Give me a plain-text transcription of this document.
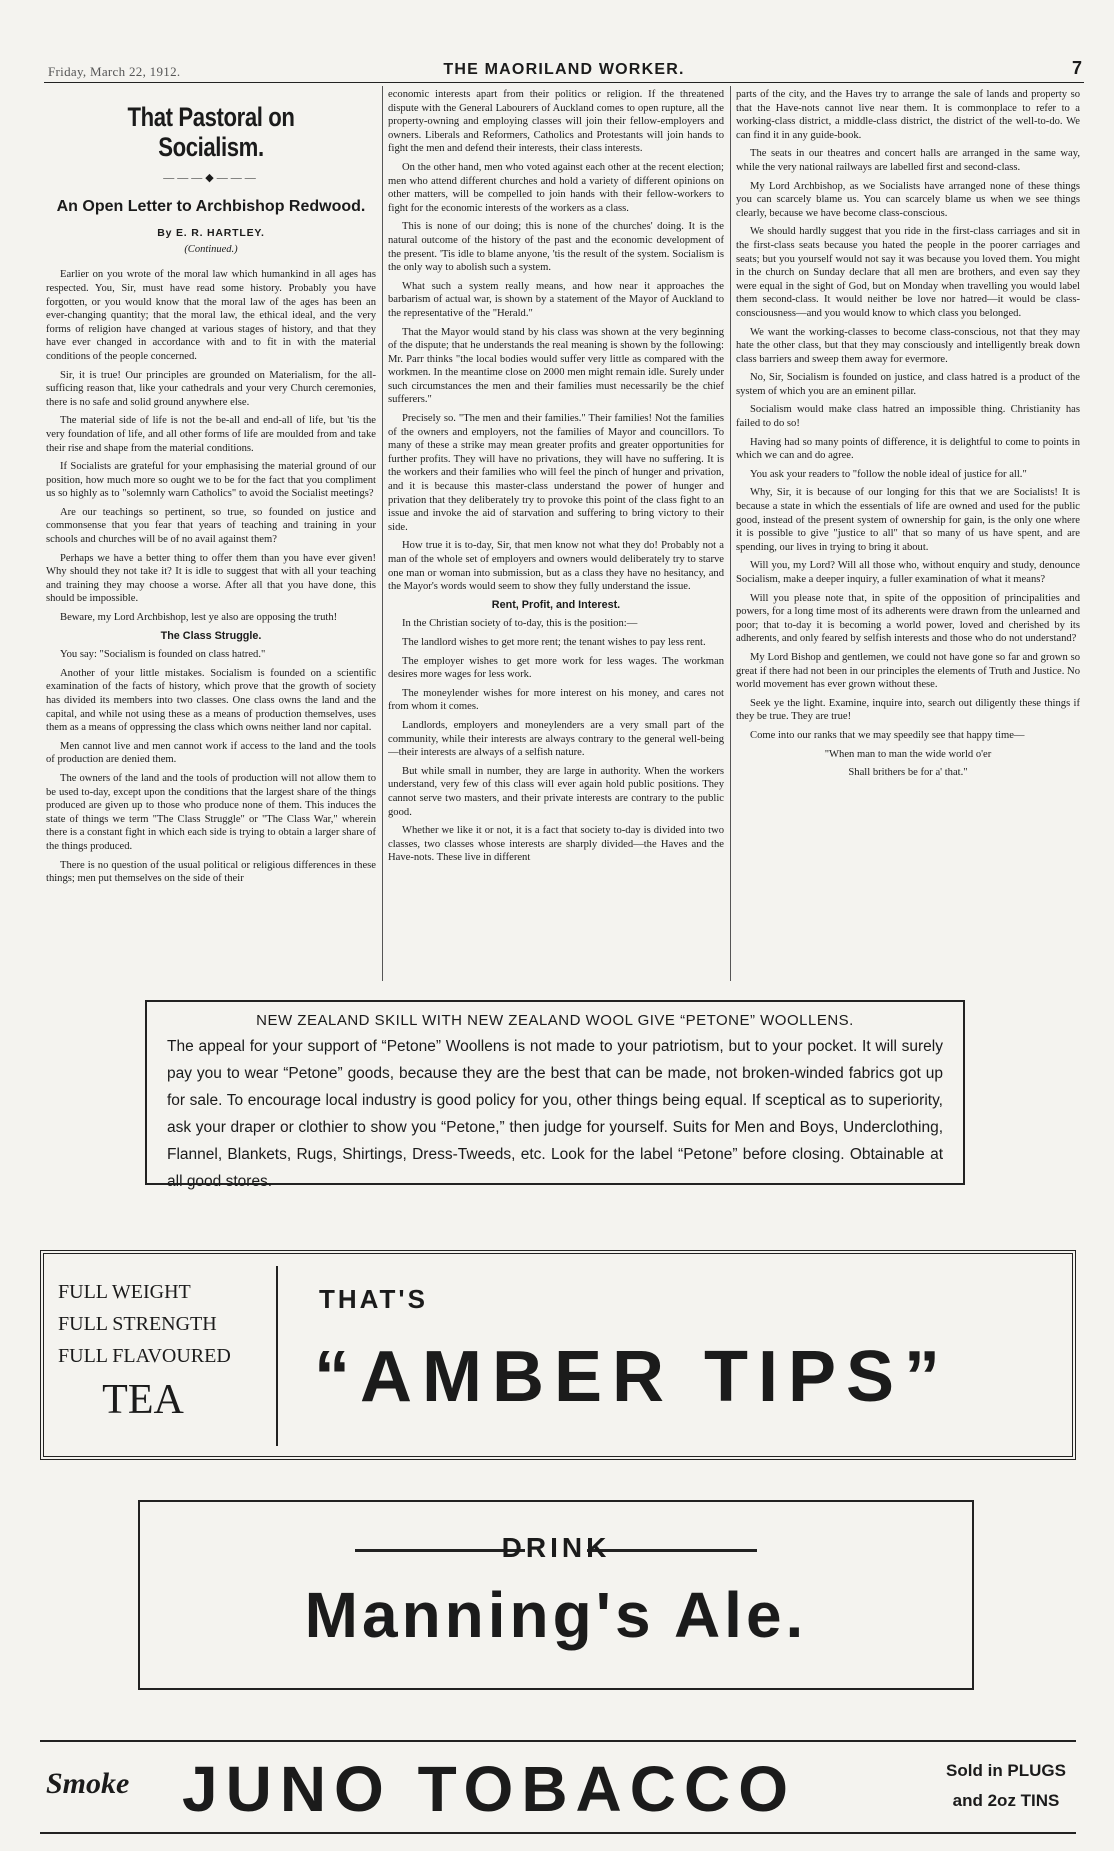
Friday, March 22, 1912.	THE MAORILAND WORKER.	7
That Pastoral on Socialism.
———◆———
An Open Letter to Archbishop Redwood.
By E. R. HARTLEY.
(Continued.)

Earlier on you wrote of the moral law which humankind in all ages has respected. You, Sir, must have read some history. Probably you have forgotten, or you would know that the moral law of the ages has been an ever-changing quantity; that the moral law, the ethical ideal, and the very forms of religion have changed at various stages of history, and that they have ever changed in accordance with and to fit in with the material conditions of the people concerned.

Sir, it is true! Our principles are grounded on Materialism, for the all-sufficing reason that, like your cathedrals and your very Church ceremonies, there is no safe and solid ground anywhere else.

The material side of life is not the be-all and end-all of life, but 'tis the very foundation of life, and all other forms of life are moulded from and take their rise and shape from the material conditions.

If Socialists are grateful for your emphasising the material ground of our position, how much more so ought we to be for the fact that you compliment us so highly as to "solemnly warn Catholics" to avoid the Socialist meetings?

Are our teachings so pertinent, so true, so founded on justice and commonsense that you fear that years of teaching and training in your schools and churches will be of no avail against them?

Perhaps we have a better thing to offer them than you have ever given! Why should they not take it? It is idle to suggest that with all your teaching and training they may choose a worse. After all that you have done, this should be impossible.

Beware, my Lord Archbishop, lest ye also are opposing the truth!

The Class Struggle.

You say: "Socialism is founded on class hatred."

Another of your little mistakes. Socialism is founded on a scientific examination of the facts of history, which prove that the growth of society has divided its members into two classes. One class owns the land and the capital, and while not using these as a means of production themselves, uses them as a means of oppressing the class which owns neither land nor capital.

Men cannot live and men cannot work if access to the land and the tools of production are denied them.

The owners of the land and the tools of production will not allow them to be used to-day, except upon the conditions that the largest share of the things produced are given up to those who produce none of them. This induces the state of things we term "The Class Struggle" or "The Class War," wherein there is a constant fight in which each side is trying to obtain a larger share of the things produced.

There is no question of the usual political or religious differences in these things; men put themselves on the side of their

economic interests apart from their politics or religion. If the threatened dispute with the General Labourers of Auckland comes to open rupture, all the property-owning and employing classes will join their fellow-employers and owners. Liberals and Reformers, Catholics and Protestants will join hands to fight the men and defend their interests, their class interests.

On the other hand, men who voted against each other at the recent election; men who attend different churches and hold a variety of different opinions on other matters, will be compelled to join hands with their fellow-workers to fight for the economic interests of the workers as a class.

This is none of our doing; this is none of the churches' doing. It is the natural outcome of the history of the past and the economic development of the present. 'Tis idle to blame anyone, 'tis the result of the system. Socialism is the only way to abolish such a system.

What such a system really means, and how near it approaches the barbarism of actual war, is shown by a statement of the Mayor of Auckland to the representative of the "Herald."

That the Mayor would stand by his class was shown at the very beginning of the dispute; that he understands the real meaning is shown by the following: Mr. Parr thinks "the local bodies would suffer very little as compared with the workmen. In the meantime close on 2000 men might remain idle. Surely under such circumstances the men and their families must necessarily be the chief sufferers."

Precisely so. "The men and their families." Their families! Not the families of the owners and employers, not the families of Mayor and councillors. To many of these a strike may mean greater profits and greater opportunities for further profits. They will have no privations, they will have no suffering. It is the workers and their families who will feel the pinch of hunger and privation, and it is because this master-class understand the power of hunger and privation that they deliberately try to provoke this point of the class fight to an issue and invoke the aid of starvation and suffering to bring victory to their side.

How true it is to-day, Sir, that men know not what they do! Probably not a man of the whole set of employers and owners would deliberately try to starve one man or woman into submission, but as a class they have no hesitancy, and the Mayor's words would seem to show they fully understand the issue.

Rent, Profit, and Interest.

In the Christian society of to-day, this is the position:—

The landlord wishes to get more rent; the tenant wishes to pay less rent.

The employer wishes to get more work for less wages. The workman desires more wages for less work.

The moneylender wishes for more interest on his money, and cares not from whom it comes.

Landlords, employers and moneylenders are a very small part of the community, while their interests are always contrary to the general well-being—their interests are always of a selfish nature.

But while small in number, they are large in authority. When the workers understand, very few of this class will ever again hold public positions. They cannot serve two masters, and their private interests are contrary to the public good.

Whether we like it or not, it is a fact that society to-day is divided into two classes, two classes whose interests are sharply divided—the Haves and the Have-nots. These live in different

parts of the city, and the Haves try to arrange the sale of lands and property so that the Have-nots cannot live near them. It is commonplace to refer to a working-class district, a middle-class district, the district of the well-to-do. We can find it in any guide-book.

The seats in our theatres and concert halls are arranged in the same way, while the very national railways are labelled first and second-class.

My Lord Archbishop, as we Socialists have arranged none of these things you can scarcely blame us. You can scarcely blame us when we see things clearly, because we have become class-conscious.

We should hardly suggest that you ride in the first-class carriages and sit in the first-class seats because you hated the people in the poorer carriages and seats; but you yourself would not say it was because you loved them. You might in the church on Sunday declare that all men are brothers, and even say they were equal in the sight of God, but on Monday when travelling you would label them second-class. It would neither be love nor hatred—it would be class-consciousness—and you would know to which class you belonged.

We want the working-classes to become class-conscious, not that they may hate the other class, but that they may consciously and intelligently break down class barriers and sweep them away for evermore.

No, Sir, Socialism is founded on justice, and class hatred is a product of the system of which you are an eminent pillar.

Socialism would make class hatred an impossible thing. Christianity has failed to do so!

Having had so many points of difference, it is delightful to come to points in which we can and do agree.

You ask your readers to "follow the noble ideal of justice for all."

Why, Sir, it is because of our longing for this that we are Socialists! It is because a state in which the essentials of life are owned and used for the public good, instead of the present system of ownership for gain, is the only one where it is possible to give "justice to all" that so many of us have spent, and are spending, our lives in trying to bring it about.

Will you, my Lord? Will all those who, without enquiry and study, denounce Socialism, make a deeper inquiry, a fuller examination of what it means?

Will you please note that, in spite of the opposition of principalities and powers, for a long time most of its adherents were drawn from the unlearned and poor; that to-day it is becoming a world power, loved and cherished by its adherents, and only feared by selfish interests and those who do not understand?

My Lord Bishop and gentlemen, we could not have gone so far and grown so great if there had not been in our principles the elements of Truth and Justice. No world movement has ever grown without these.

Seek ye the light. Examine, inquire into, search out diligently these things if they be true. They are true!

Come into our ranks that we may speedily see that happy time—

"When man to man the wide world o'er

Shall brithers be for a' that."

NEW ZEALAND SKILL WITH NEW ZEALAND WOOL GIVE “PETONE” WOOLLENS.
The appeal for your support of “Petone” Woollens is not made to your patriotism, but to your pocket. It will surely pay you to wear “Petone” goods, because they are the best that can be made, not broken-winded fabrics got up for sale. To encourage local industry is good policy for you, other things being equal. If sceptical as to superiority, ask your draper or clothier to show you “Petone,” then judge for yourself. Suits for Men and Boys, Underclothing, Flannel, Blankets, Rugs, Shirtings, Dress-Tweeds, etc. Look for the label “Petone” before closing. Obtainable at all good stores.
FULL WEIGHT
FULL STRENGTH
FULL FLAVOURED
TEA
THAT'S
“AMBER TIPS”
DRINK
Manning's Ale.
Smoke JUNO TOBACCO	Sold in PLUGS
and 2oz TINS
